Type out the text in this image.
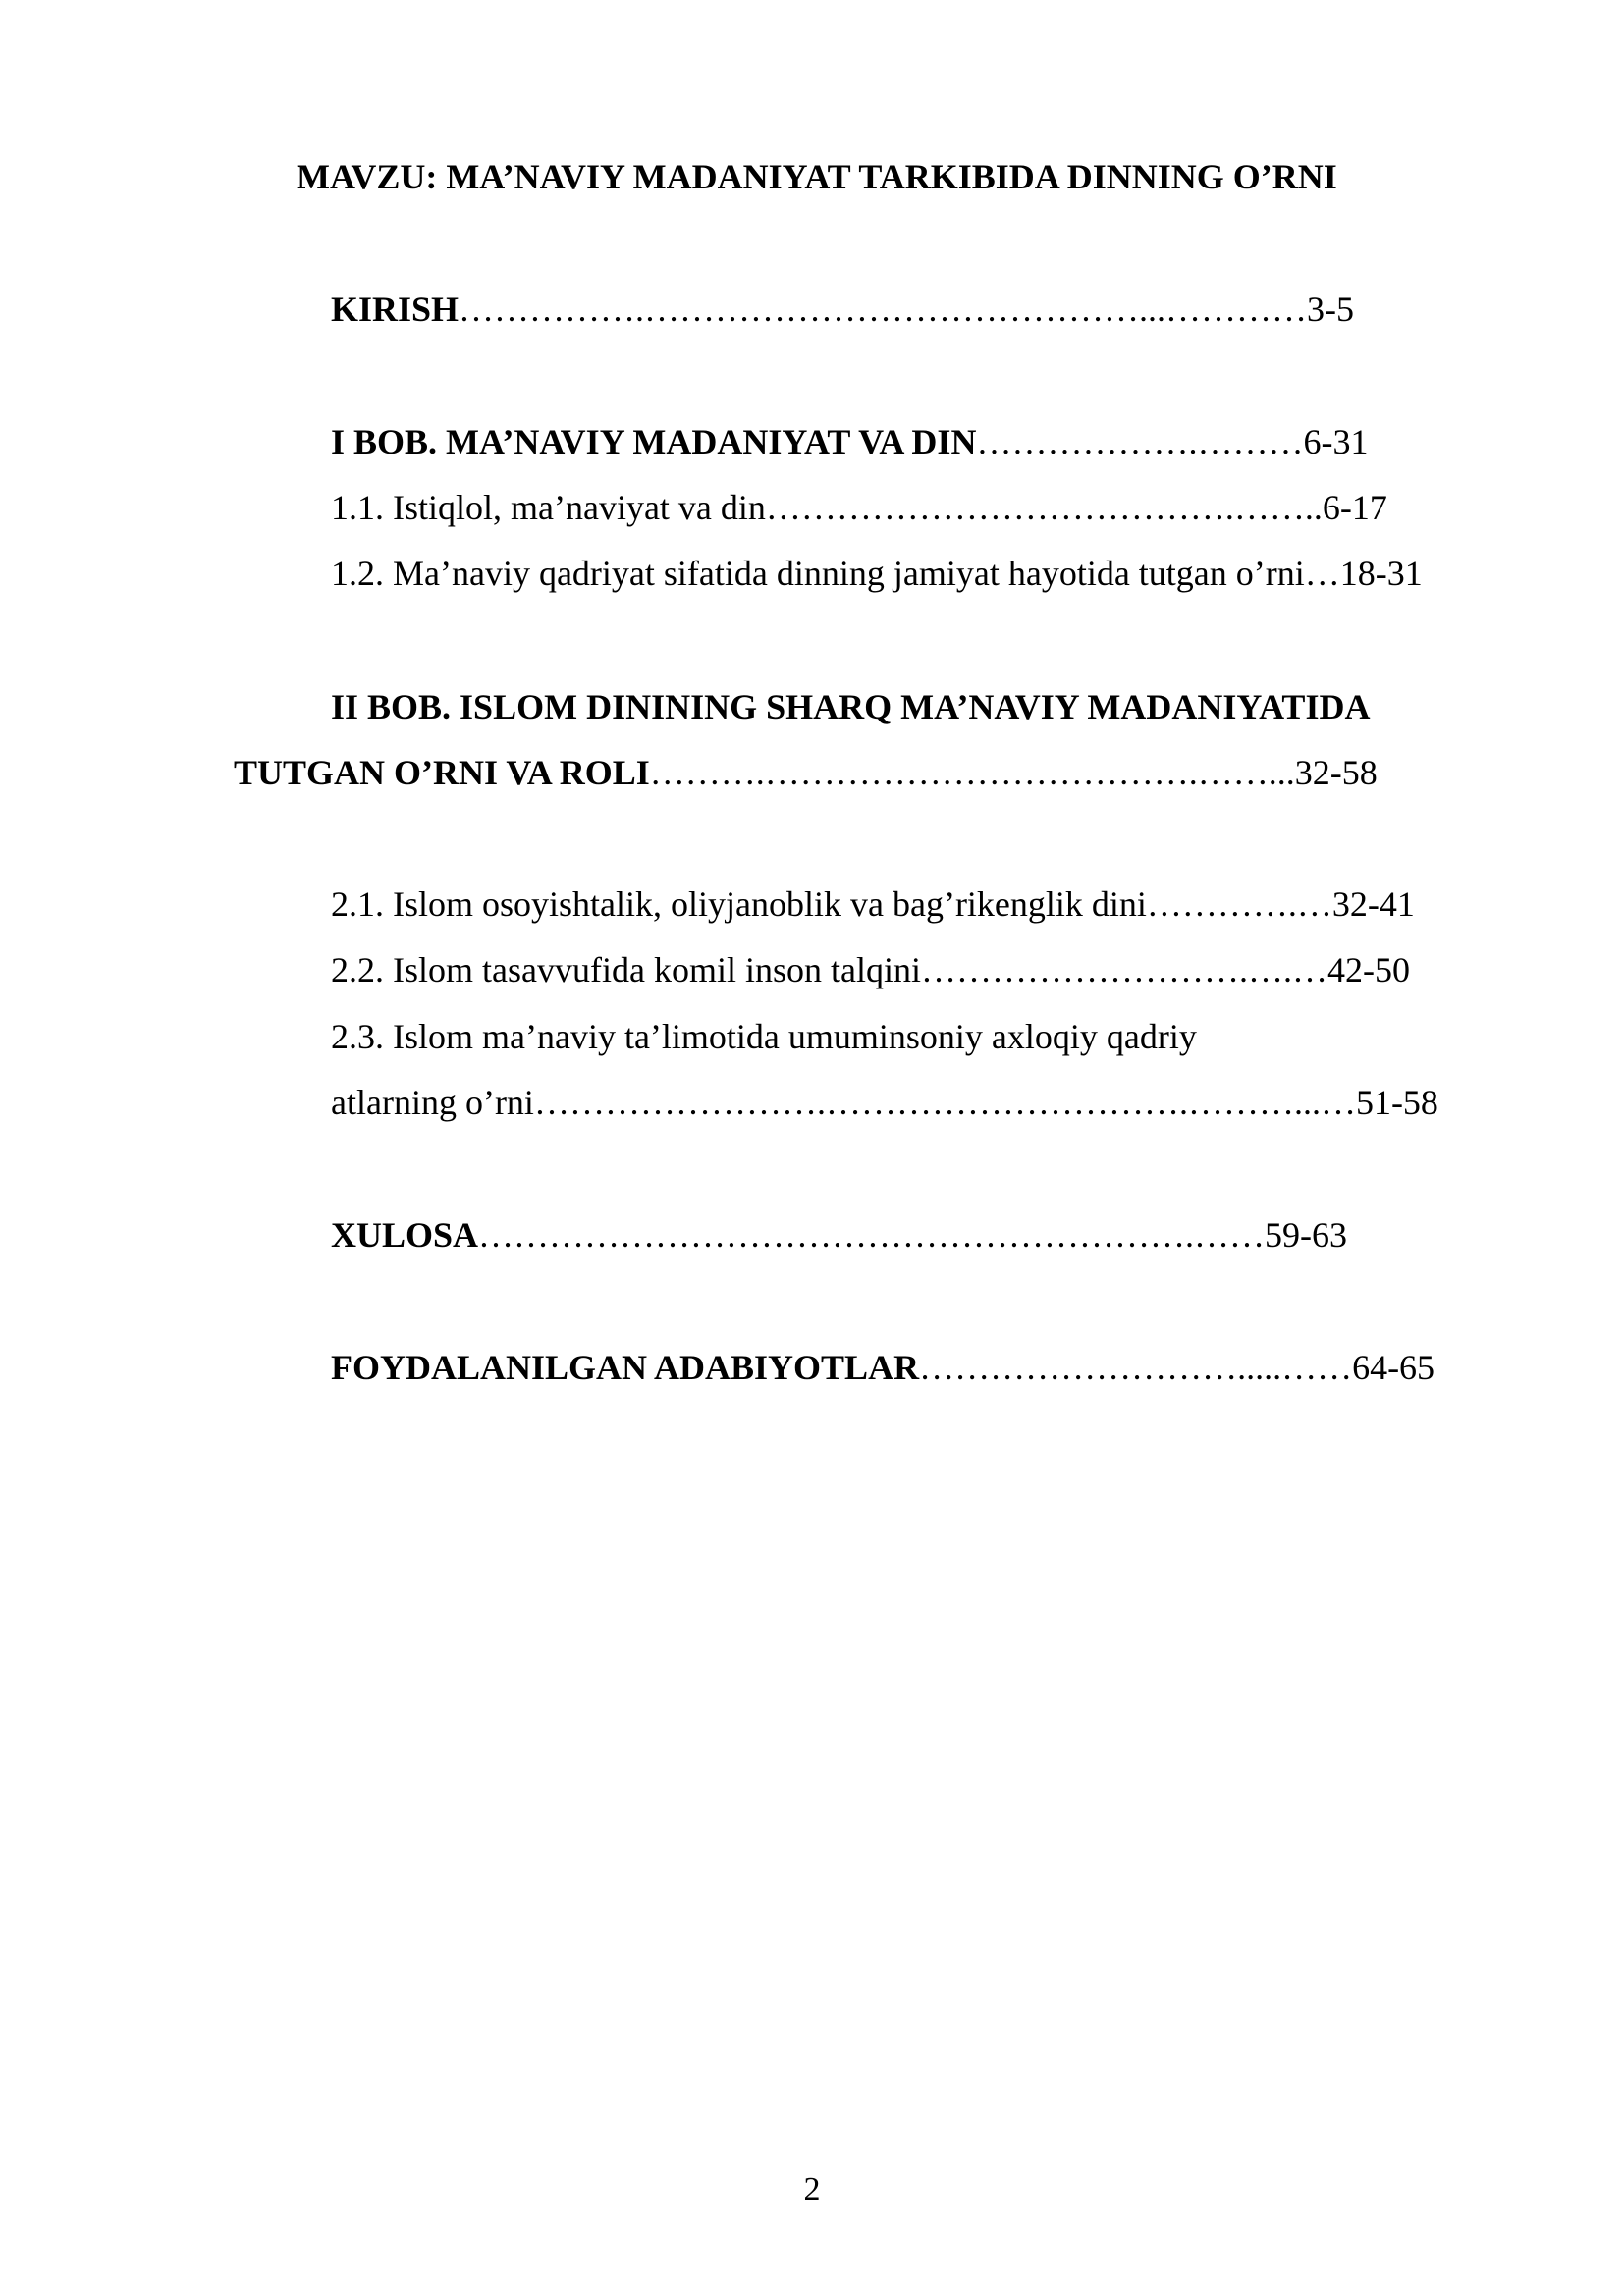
MAVZU: MA’NAVIY MADANIYAT TARKIBIDA DINNING O’RNI
KIRISH…………….……………………………………...…………3-5
I BOB. MA’NAVIY MADANIYAT VA DIN……………….………6-31
1.1. Istiqlol, ma’naviyat va din………………………………….……..6-17
1.2. Ma’naviy qadriyat sifatida dinning jamiyat hayotida tutgan o’rni…18-31
II BOB. ISLOM DININING SHARQ MA’NAVIY MADANIYATIDA
TUTGAN O’RNI VA ROLI……….……………………………….……...32-58
2.1. Islom osoyishtalik, oliyjanoblik va bag’rikenglik dini………….…32-41
2.2. Islom tasavvufida komil inson talqini……………………….….…42-50
2.3. Islom ma’naviy ta’limotida umuminsoniy axloqiy qadriy
atlarning o’rni…………………….………………………….………...…51-58
XULOSA…………………………………………………….……59-63
FOYDALANILGAN ADABIYOTLAR……………………….....……64-65
2
